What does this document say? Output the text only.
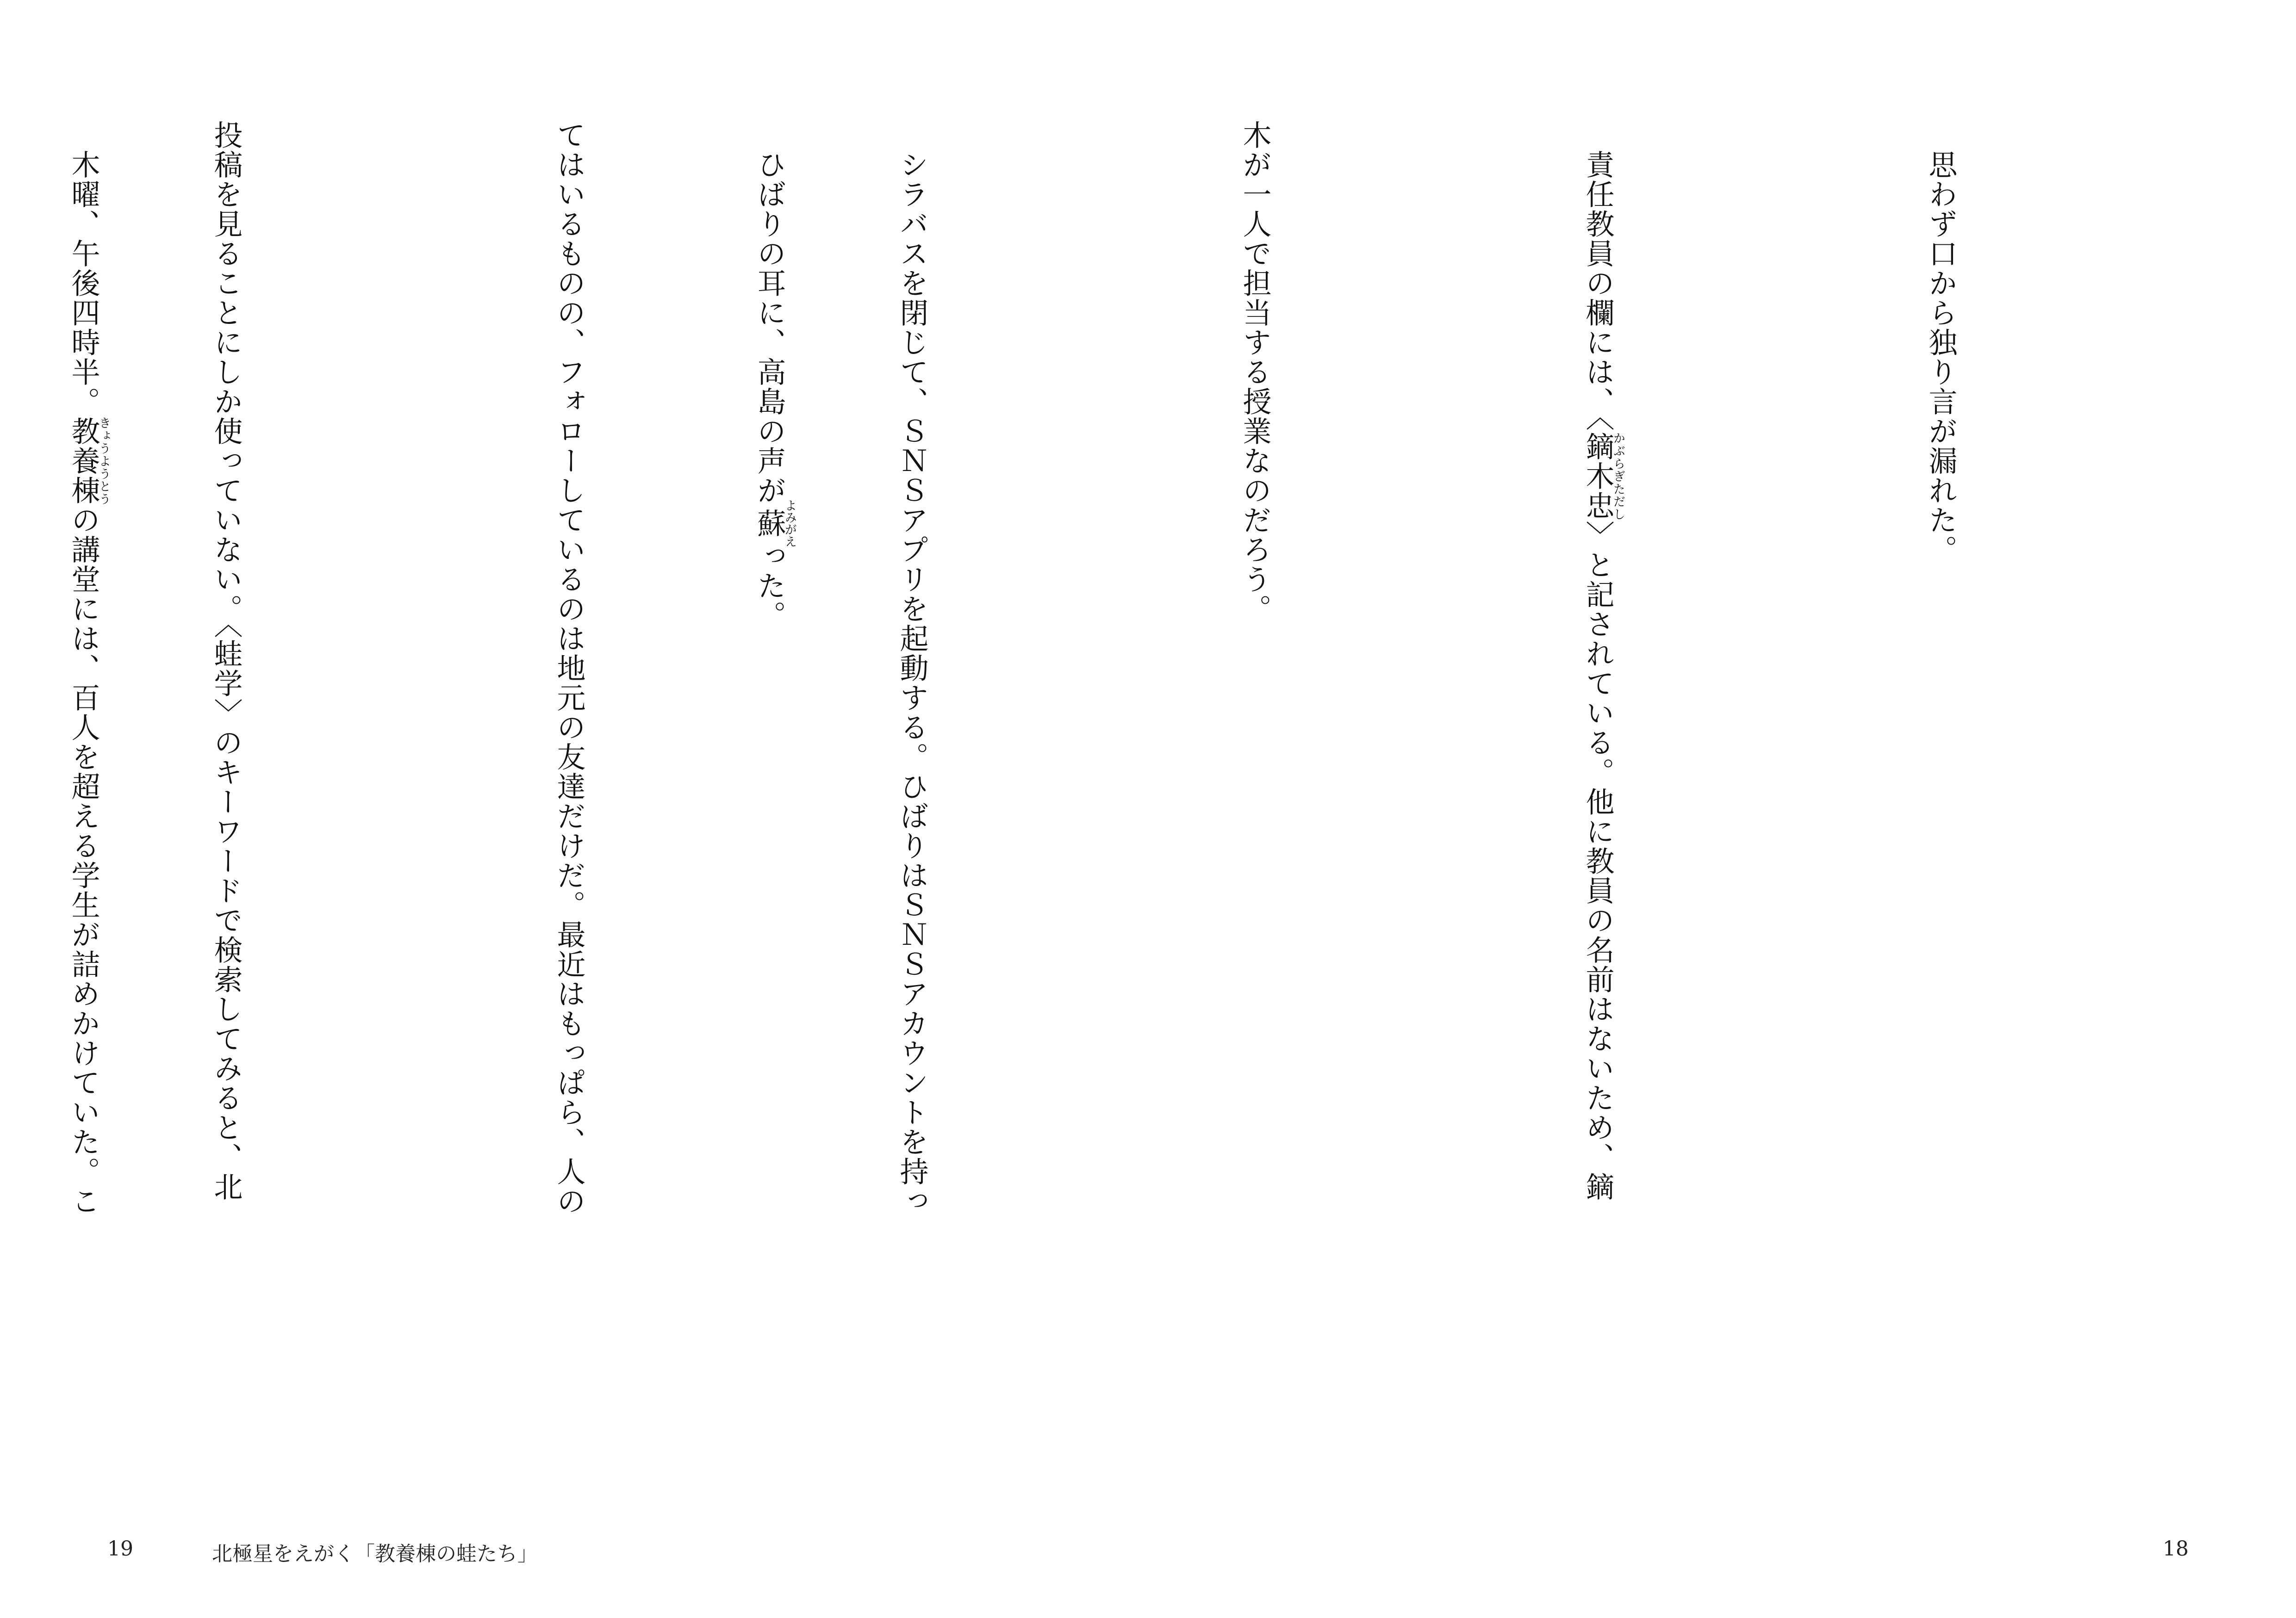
　思わず口から独り言が漏れた。

　責任教員の欄には、〈鏑木忠かぶらぎただし〉と記されている。他に教員の名前はないため、鏑

木が一人で担当する授業なのだろう。

　シラバスを閉じて、ＳＮＳアプリを起動する。ひばりはＳＮＳアカウントを持っ

てはいるものの、フォローしているのは地元の友達だけだ。最近はもっぱら、人の

投稿を見ることにしか使っていない。〈蛙学〉のキーワードで検索してみると、北

18

　ひばりの耳に、高島の声が蘇よみがえった。

　木曜、午後四時半。教養棟きょうようとうの講堂には、百人を超える学生が詰めかけていた。こ

19	北極星をえがく「教養棟の蛙たち」
